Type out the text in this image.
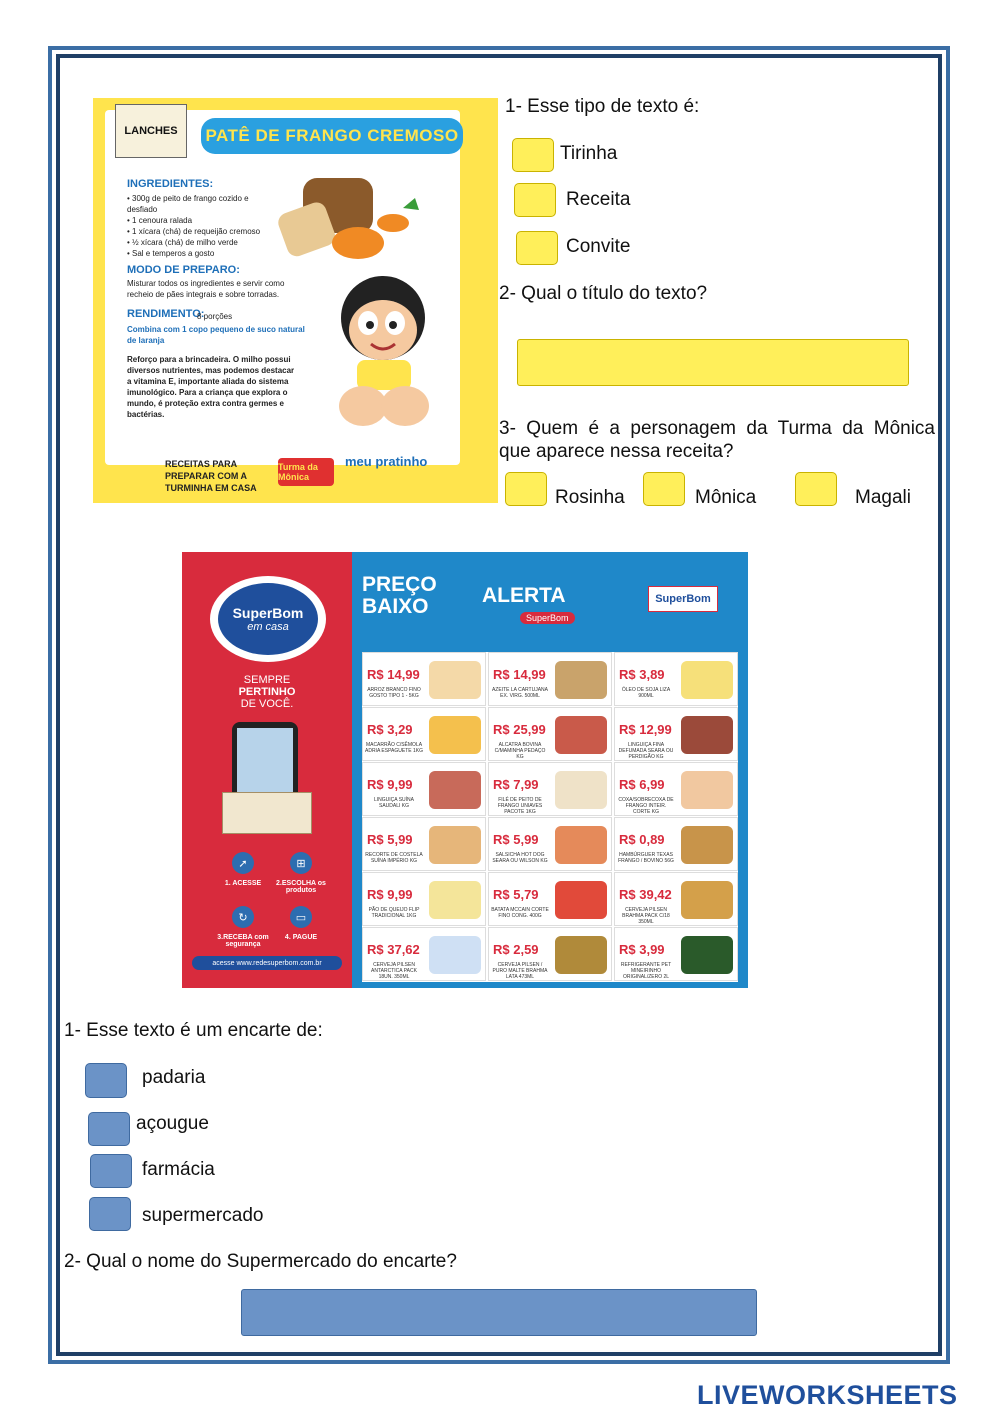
LANCHES	PATÊ DE FRANGO CREMOSO
INGREDIENTES:
• 300g de peito de frango cozido e desfiado
• 1 cenoura ralada
• 1 xícara (chá) de requeijão cremoso
• ½ xícara (chá) de milho verde
• Sal e temperos a gosto
MODO DE PREPARO:
Misturar todos os ingredientes e servir como recheio de pães integrais e sobre torradas.
RENDIMENTO:
8 porções
Combina com 1 copo pequeno de suco natural de laranja
Reforço para a brincadeira. O milho possui diversos nutrientes, mas podemos destacar a vitamina E, importante aliada do sistema imunológico. Para a criança que explora o mundo, é proteção extra contra germes e bactérias.
RECEITAS PARA PREPARAR COM A TURMINHA EM CASA
Turma da Mônica
meu pratinho
1- Esse tipo de texto é:
Tirinha
Receita
Convite
2- Qual o título do texto?
3- Quem é a personagem da Turma da Mônica
que aparece nessa receita?
Rosinha	Mônica	Magali
SuperBom
em casa
SEMPRE
PERTINHO
DE VOCÊ.
➚	⊞
1. ACESSE	2.ESCOLHA os produtos
↻	▭
3.RECEBA com segurança
4. PAGUE
acesse www.redesuperbom.com.br
PREÇO
BAIXO	ALERTA
SuperBom
SuperBom
R$ 14,99
ARROZ BRANCO FINO GOSTO TIPO 1 - 5KG
R$ 14,99
AZEITE LA CARTUJANA EX. VIRG. 500ML
R$ 3,89
ÓLEO DE SOJA LIZA 900ML
R$ 3,29
MACARRÃO C/SÊMOLA ADRIA ESPAGUETE 1KG
R$ 25,99
ALCATRA BOVINA C/MAMINHA PEDAÇO KG
R$ 12,99
LINGUIÇA FINA DEFUMADA SEARA OU PERDIGÃO KG
R$ 9,99
LINGUIÇA SUÍNA SAUDALI KG
R$ 7,99
FILÉ DE PEITO DE FRANGO UNIAVES PACOTE 1KG
R$ 6,99
COXA/SOBRECOXA DE FRANGO INTEIR. CORTE KG
R$ 5,99
RECORTE DE COSTELA SUÍNA IMPÉRIO KG
R$ 5,99
SALSICHA HOT DOG SEARA OU WILSON KG
R$ 0,89
HAMBÚRGUER TEXAS FRANGO / BOVINO 56G
R$ 9,99
PÃO DE QUEIJO FLIP TRADICIONAL 1KG
R$ 5,79
BATATA MCCAIN CORTE FINO CONG. 400G
R$ 39,42
CERVEJA PILSEN BRAHMA PACK C/18 350ML
R$ 37,62
CERVEJA PILSEN ANTARCTICA PACK 18UN. 350ML
R$ 2,59
CERVEJA PILSEN / PURO MALTE BRAHMA LATA 473ML
R$ 3,99
REFRIGERANTE PET MINEIRINHO ORIGINAL/ZERO 2L
1- Esse texto é um encarte de:
padaria
açougue
farmácia
supermercado
2- Qual o nome do Supermercado do encarte?
LIVEWORKSHEETS
